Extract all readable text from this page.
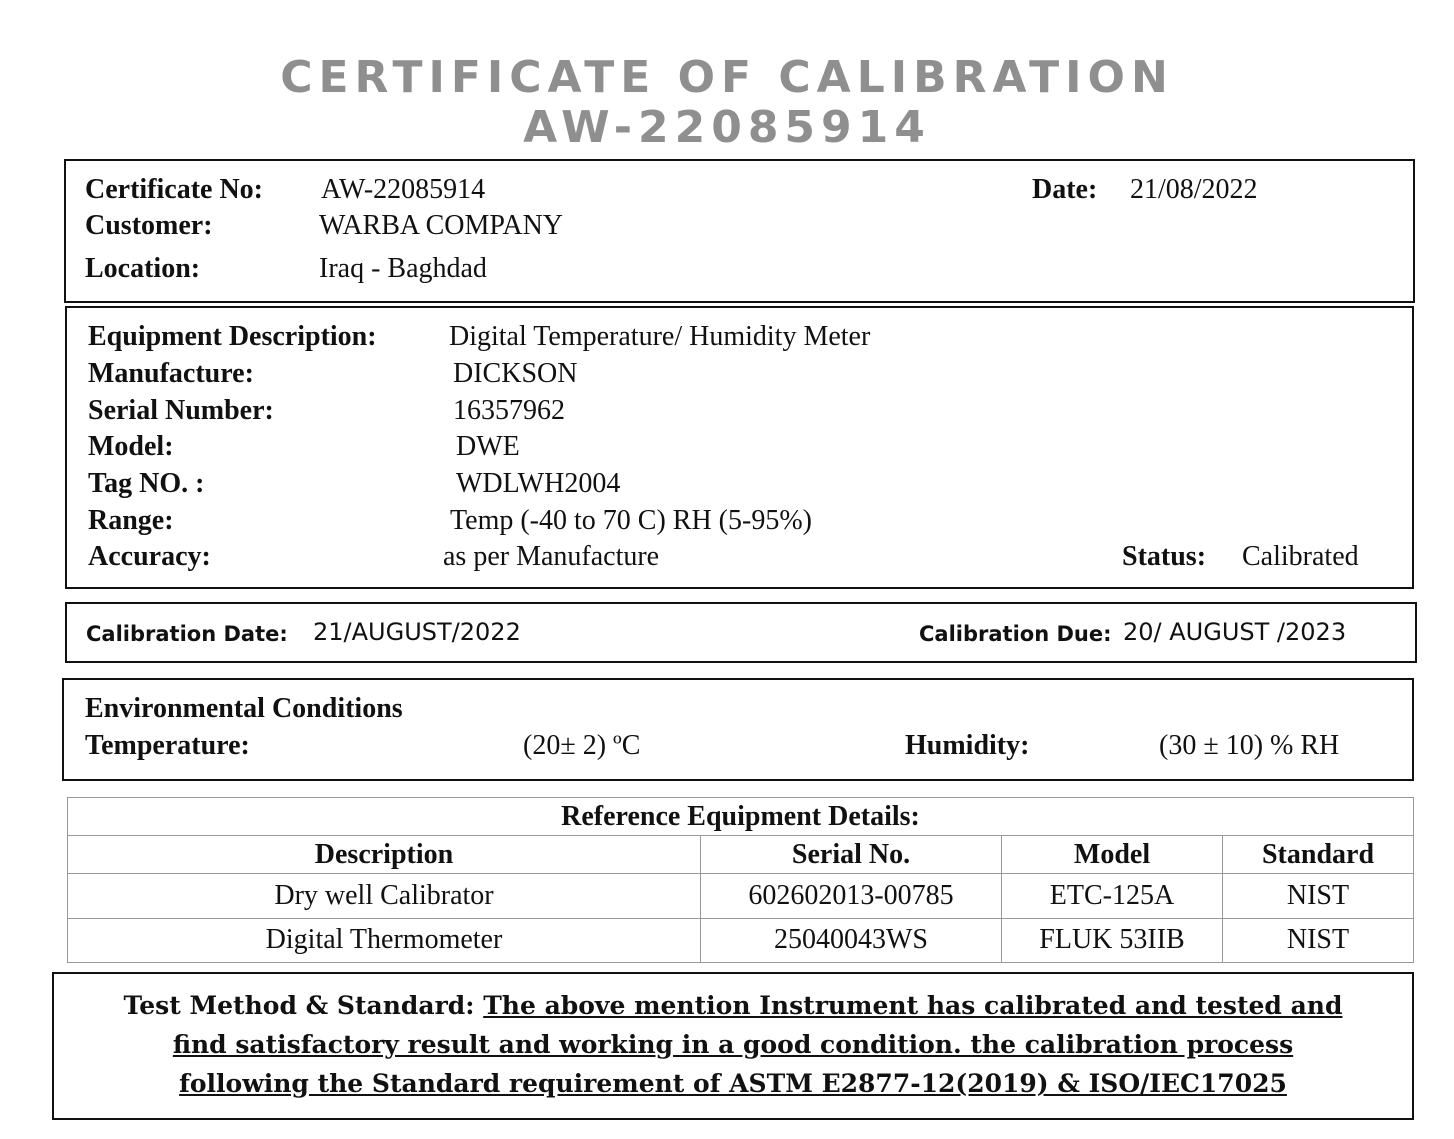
CERTIFICATE OF CALIBRATION
AW-22085914
Certificate No: AW-22085914	Date: 21/08/2022
Customer:	WARBA COMPANY
Location:	Iraq - Baghdad
Equipment Description:	Digital Temperature/ Humidity Meter
Manufacture:	DICKSON
Serial Number:	16357962
Model:	DWE
Tag NO. :	WDLWH2004
Range:	Temp (-40 to 70 C) RH (5-95%)
Accuracy:	as per Manufacture	Status: Calibrated
Calibration Date: 21/AUGUST/2022	Calibration Due: 20/ AUGUST /2023
Environmental Conditions
Temperature:	(20± 2) ºC	Humidity:	(30 ± 10) % RH
Reference Equipment Details:			
Description	Serial No.	Model	Standard
Dry well Calibrator	602602013-00785	ETC-125A	NIST
Digital Thermometer	25040043WS	FLUK 53IIB	NIST
Test Method & Standard: The above mention Instrument has calibrated and tested and
find satisfactory result and working in a good condition. the calibration process
following the Standard requirement of ASTM E2877-12(2019) & ISO/IEC17025
